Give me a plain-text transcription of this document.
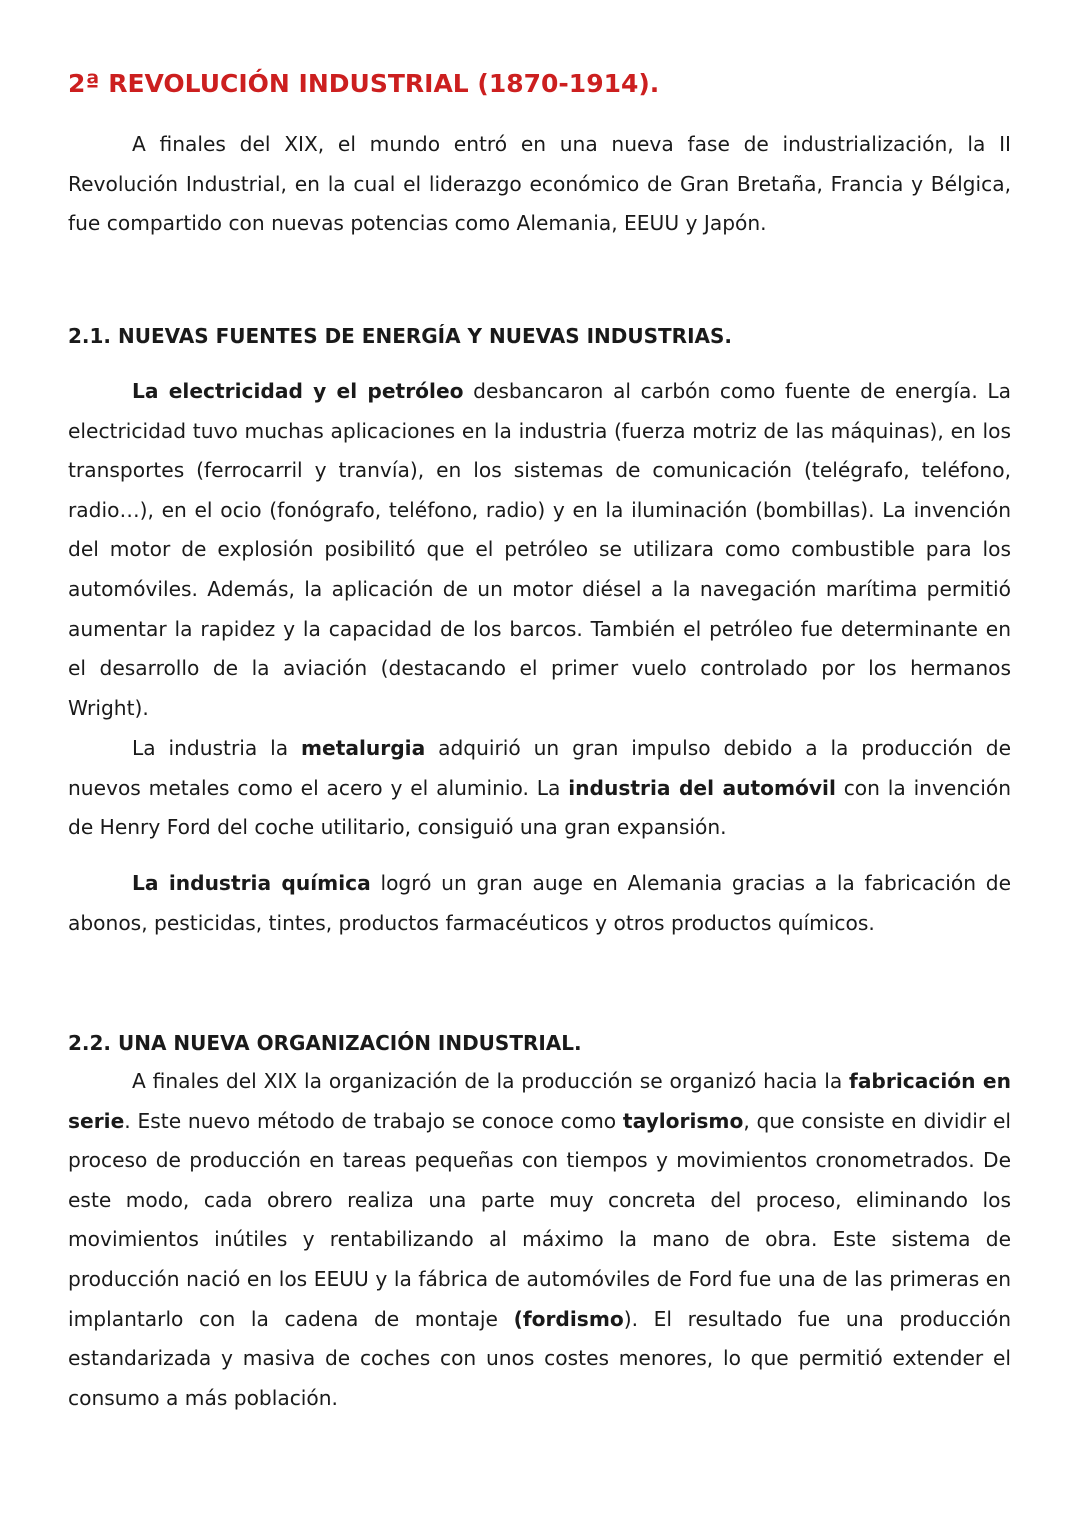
2ª REVOLUCIÓN INDUSTRIAL (1870-1914).

A finales del XIX, el mundo entró en una nueva fase de industrialización, la II Revolución Industrial, en la cual el liderazgo económico de Gran Bretaña, Francia y Bélgica, fue compartido con nuevas potencias como Alemania, EEUU y Japón.

2.1. NUEVAS FUENTES DE ENERGÍA Y NUEVAS INDUSTRIAS.

La electricidad y el petróleo desbancaron al carbón como fuente de energía. La electricidad tuvo muchas aplicaciones en la industria (fuerza motriz de las máquinas), en los transportes (ferrocarril y tranvía), en los sistemas de comunicación (telégrafo, teléfono, radio…), en el ocio (fonógrafo, teléfono, radio) y en la iluminación (bombillas). La invención del motor de explosión posibilitó que el petróleo se utilizara como combustible para los automóviles. Además, la aplicación de un motor diésel a la navegación marítima permitió aumentar la rapidez y la capacidad de los barcos. También el petróleo fue determinante en el desarrollo de la aviación (destacando el primer vuelo controlado por los hermanos Wright).

La industria la metalurgia adquirió un gran impulso debido a la producción de nuevos metales como el acero y el aluminio. La industria del automóvil con la invención de Henry Ford del coche utilitario, consiguió una gran expansión.

La industria química logró un gran auge en Alemania gracias a la fabricación de abonos, pesticidas, tintes, productos farmacéuticos y otros productos químicos.

2.2. UNA NUEVA ORGANIZACIÓN INDUSTRIAL.

A finales del XIX la organización de la producción se organizó hacia la fabricación en serie. Este nuevo método de trabajo se conoce como taylorismo, que consiste en dividir el proceso de producción en tareas pequeñas con tiempos y movimientos cronometrados. De este modo, cada obrero realiza una parte muy concreta del proceso, eliminando los movimientos inútiles y rentabilizando al máximo la mano de obra. Este sistema de producción nació en los EEUU y la fábrica de automóviles de Ford fue una de las primeras en implantarlo con la cadena de montaje (fordismo). El resultado fue una producción estandarizada y masiva de coches con unos costes menores, lo que permitió extender el consumo a más población.
